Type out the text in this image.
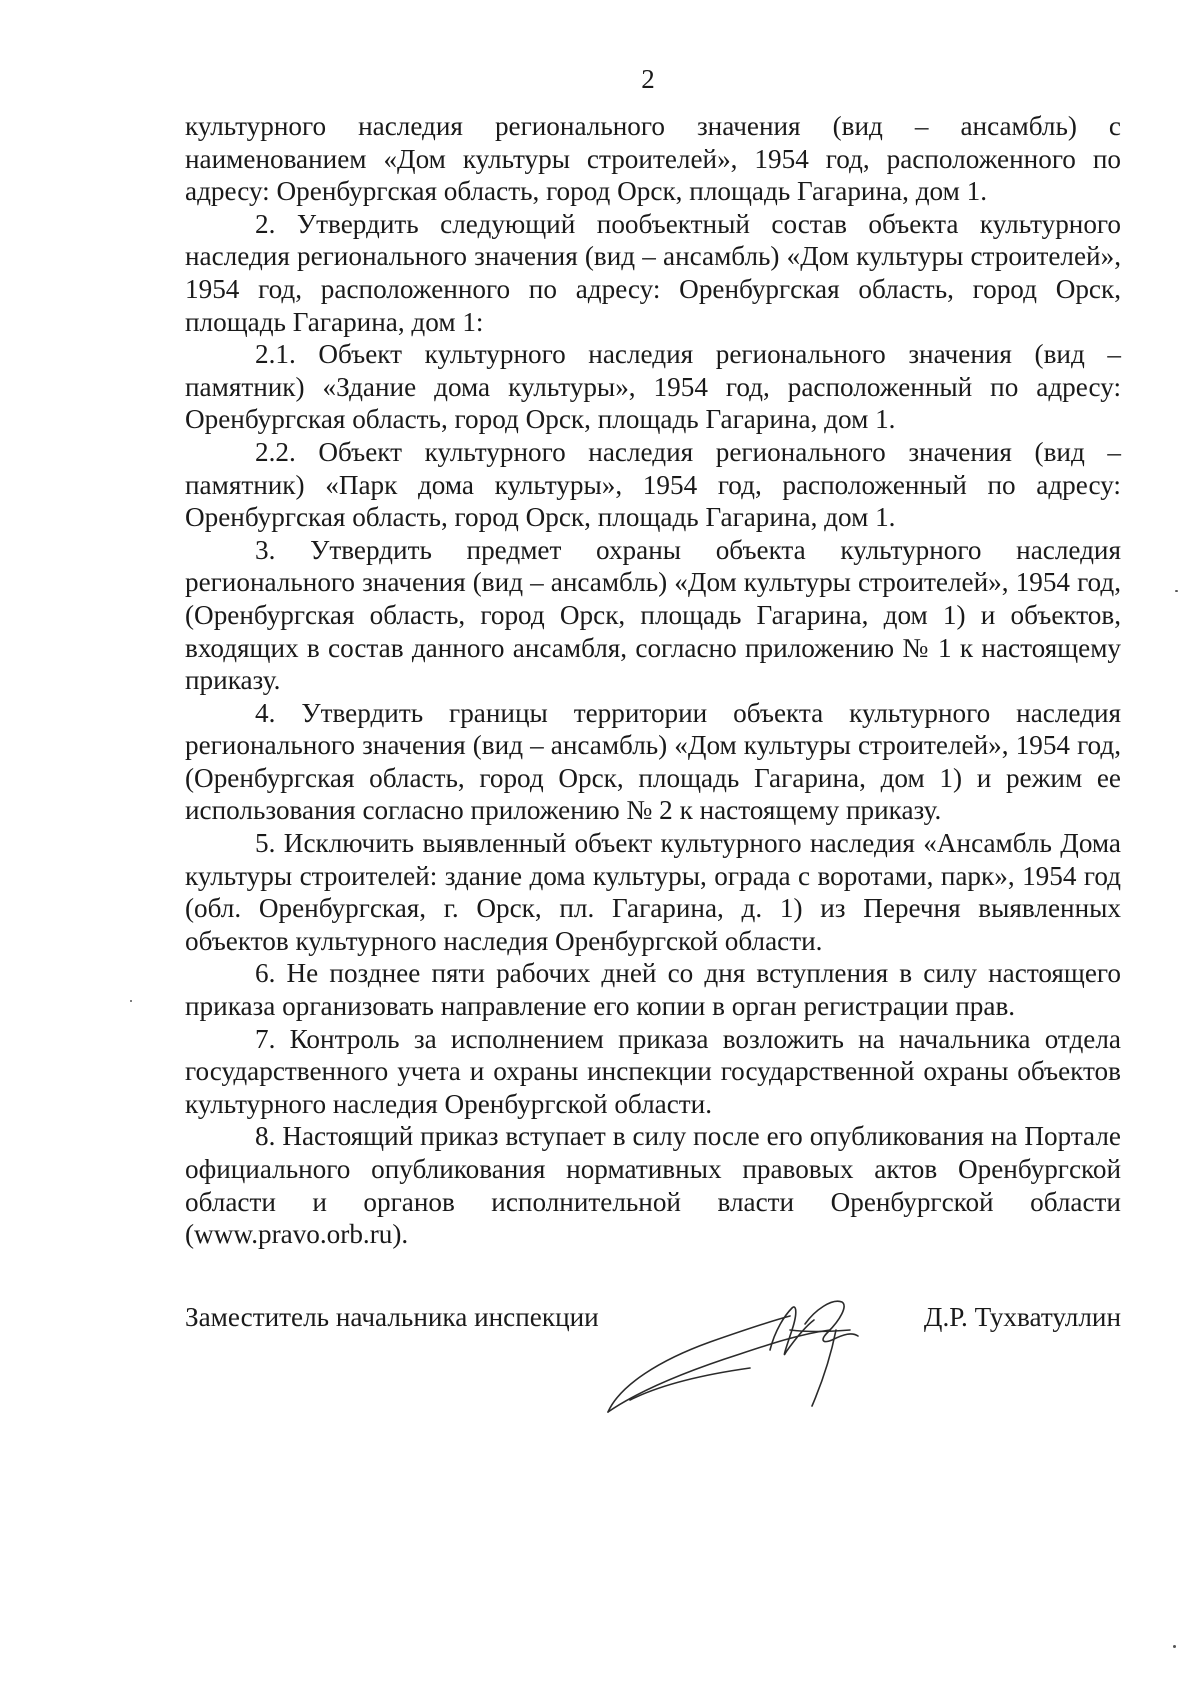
2

культурного наследия регионального значения (вид – ансамбль) с наименованием «Дом культуры строителей», 1954 год, расположенного по адресу: Оренбургская область, город Орск, площадь Гагарина, дом 1.

2. Утвердить следующий пообъектный состав объекта культурного наследия регионального значения (вид – ансамбль) «Дом культуры строителей», 1954 год, расположенного по адресу: Оренбургская область, город Орск, площадь Гагарина, дом 1:

2.1. Объект культурного наследия регионального значения (вид – памятник) «Здание дома культуры», 1954 год, расположенный по адресу: Оренбургская область, город Орск, площадь Гагарина, дом 1.

2.2. Объект культурного наследия регионального значения (вид – памятник) «Парк дома культуры», 1954 год, расположенный по адресу: Оренбургская область, город Орск, площадь Гагарина, дом 1.

3. Утвердить предмет охраны объекта культурного наследия регионального значения (вид – ансамбль) «Дом культуры строителей», 1954 год, (Оренбургская область, город Орск, площадь Гагарина, дом 1) и объектов, входящих в состав данного ансамбля, согласно приложению № 1 к настоящему приказу.

4. Утвердить границы территории объекта культурного наследия регионального значения (вид – ансамбль) «Дом культуры строителей», 1954 год, (Оренбургская область, город Орск, площадь Гагарина, дом 1) и режим ее использования согласно приложению № 2 к настоящему приказу.

5. Исключить выявленный объект культурного наследия «Ансамбль Дома культуры строителей: здание дома культуры, ограда с воротами, парк», 1954 год (обл. Оренбургская, г. Орск, пл. Гагарина, д. 1) из Перечня выявленных объектов культурного наследия Оренбургской области.

6. Не позднее пяти рабочих дней со дня вступления в силу настоящего приказа организовать направление его копии в орган регистрации прав.

7. Контроль за исполнением приказа возложить на начальника отдела государственного учета и охраны инспекции государственной охраны объектов культурного наследия Оренбургской области.

8. Настоящий приказ вступает в силу после его опубликования на Портале официального опубликования нормативных правовых актов Оренбургской области и органов исполнительной власти Оренбургской области (www.pravo.orb.ru).

Заместитель начальника инспекции	Д.Р. Тухватуллин
